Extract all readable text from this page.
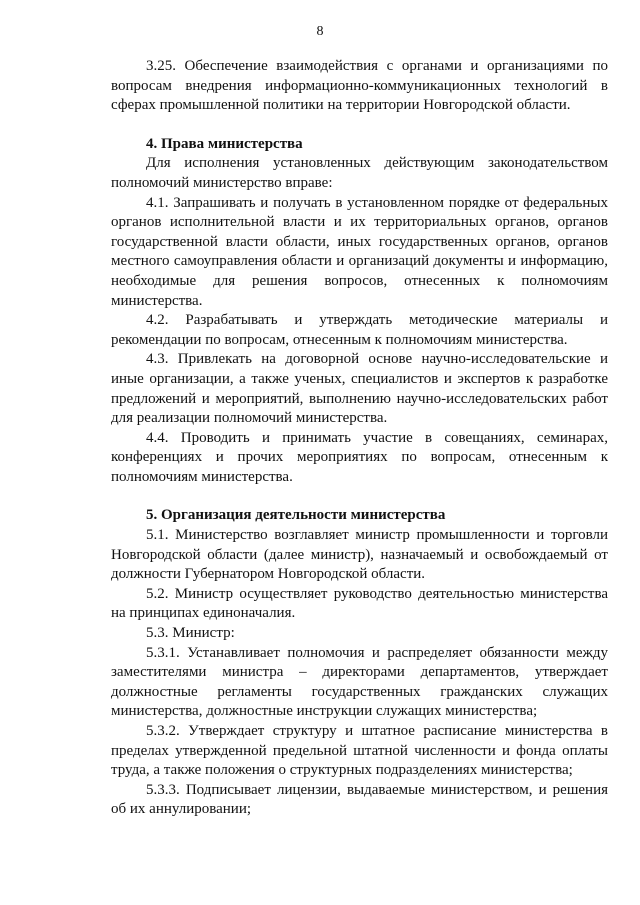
8

3.25. Обеспечение взаимодействия с органами и организациями по вопросам внедрения информационно-коммуникационных технологий в сферах промышленной политики на территории Новгородской области.

4. Права министерства

Для исполнения установленных действующим законодательством полномочий министерство вправе:

4.1. Запрашивать и получать в установленном порядке от федеральных органов исполнительной власти и их территориальных органов, органов государственной власти области, иных государственных органов, органов местного самоуправления области и организаций документы и информацию, необходимые для решения вопросов, отнесенных к полномочиям министерства.

4.2. Разрабатывать и утверждать методические материалы и рекомендации по вопросам, отнесенным к полномочиям министерства.

4.3. Привлекать на договорной основе научно-исследовательские и иные организации, а также ученых, специалистов и экспертов к разработке предложений и мероприятий, выполнению научно-исследовательских работ для реализации полномочий министерства.

4.4. Проводить и принимать участие в совещаниях, семинарах, конференциях и прочих мероприятиях по вопросам, отнесенным к полномочиям министерства.

5. Организация деятельности министерства

5.1. Министерство возглавляет министр промышленности и торговли Новгородской области (далее министр), назначаемый и освобождаемый от должности Губернатором Новгородской области.

5.2. Министр осуществляет руководство деятельностью министерства на принципах единоначалия.

5.3. Министр:

5.3.1. Устанавливает полномочия и распределяет обязанности между заместителями министра – директорами департаментов, утверждает должностные регламенты государственных гражданских служащих министерства, должностные инструкции служащих министерства;

5.3.2. Утверждает структуру и штатное расписание министерства в пределах утвержденной предельной штатной численности и фонда оплаты труда, а также положения о структурных подразделениях министерства;

5.3.3. Подписывает лицензии, выдаваемые министерством, и решения об их аннулировании;
